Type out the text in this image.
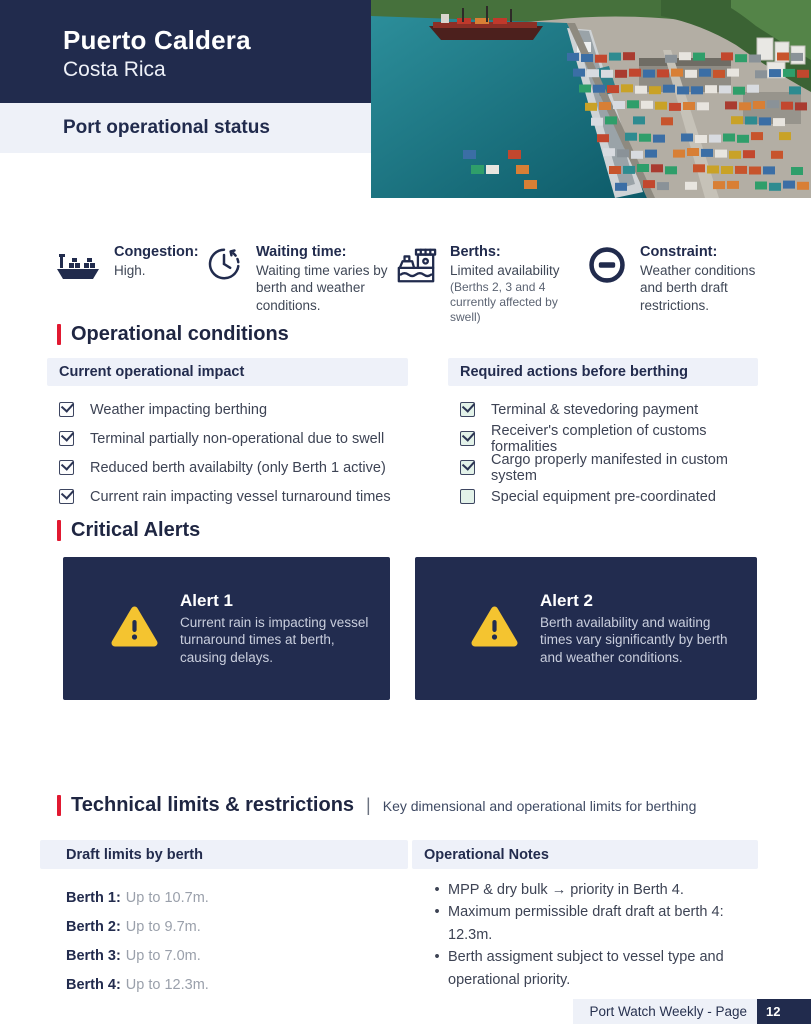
Puerto Caldera
Costa Rica
Port operational status
Congestion:
High.
Waiting time:
Waiting time varies by berth and weather conditions.
Berths:
Limited availability
(Berths 2, 3 and 4 currently affected by swell)
Constraint:
Weather conditions and berth draft restrictions.
Operational conditions
Current operational impact
Weather impacting berthing
Terminal partially non-operational due to swell
Reduced berth availabilty (only Berth 1 active)
Current rain impacting vessel turnaround times
Required actions before berthing
Terminal & stevedoring payment
Receiver's completion of customs formalities
Cargo properly manifested in custom system
Special equipment pre-coordinated
Critical Alerts
Alert 1
Current rain is impacting vessel turnaround times at berth, causing delays.
Alert 2
Berth availability and waiting times vary significantly by berth and weather conditions.
Technical limits & restrictions | Key dimensional and operational limits for berthing
Draft limits by berth
Berth 1: Up to 10.7m.
Berth 2: Up to 9.7m.
Berth 3: Up to 7.0m.
Berth 4: Up to 12.3m.
Operational Notes
• MPP & dry bulk → priority in Berth 4.
• Maximum permissible draft draft at berth 4: 12.3m.
• Berth assigment subject to vessel type and operational priority.
Port Watch Weekly - Page 12
